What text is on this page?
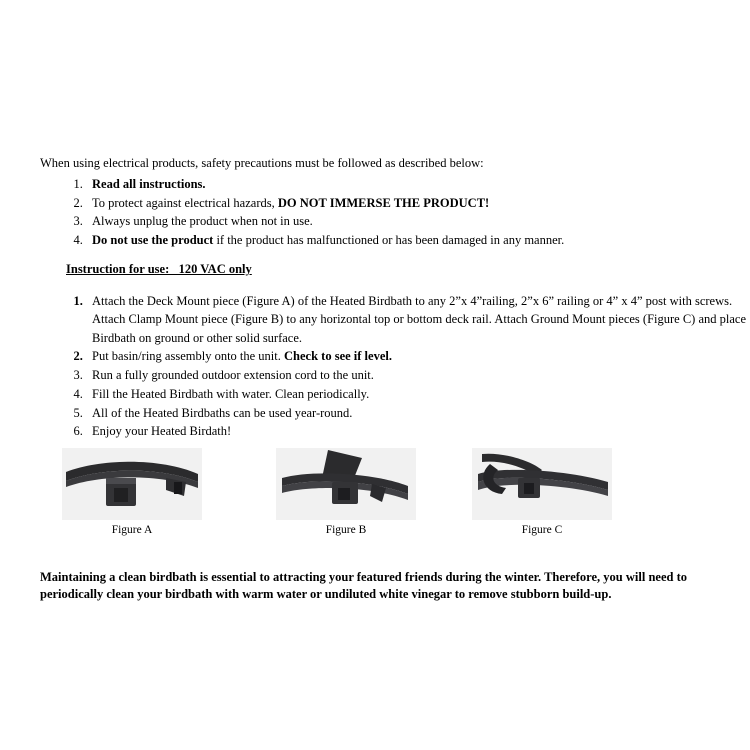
When using electrical products, safety precautions must be followed as described below:

1. Read all instructions.
2. To protect against electrical hazards, DO NOT IMMERSE THE PRODUCT!
3. Always unplug the product when not in use.
4. Do not use the product if the product has malfunctioned or has been damaged in any manner.
Instruction for use:   120 VAC only
1. Attach the Deck Mount piece (Figure A) of the Heated Birdbath to any 2”x 4”railing, 2”x 6” railing or 4” x 4” post with screws. Attach Clamp Mount piece (Figure B) to any horizontal top or bottom deck rail. Attach Ground Mount pieces (Figure C) and place Birdbath on ground or other solid surface.
2. Put basin/ring assembly onto the unit. Check to see if level.
3. Run a fully grounded outdoor extension cord to the unit.
4. Fill the Heated Birdbath with water. Clean periodically.
5. All of the Heated Birdbaths can be used year-round.
6. Enjoy your Heated Birdath!
Figure A	Figure B	Figure C

Maintaining a clean birdbath is essential to attracting your featured friends during the winter. Therefore, you will need to periodically clean your birdbath with warm water or undiluted white vinegar to remove stubborn build-up.
